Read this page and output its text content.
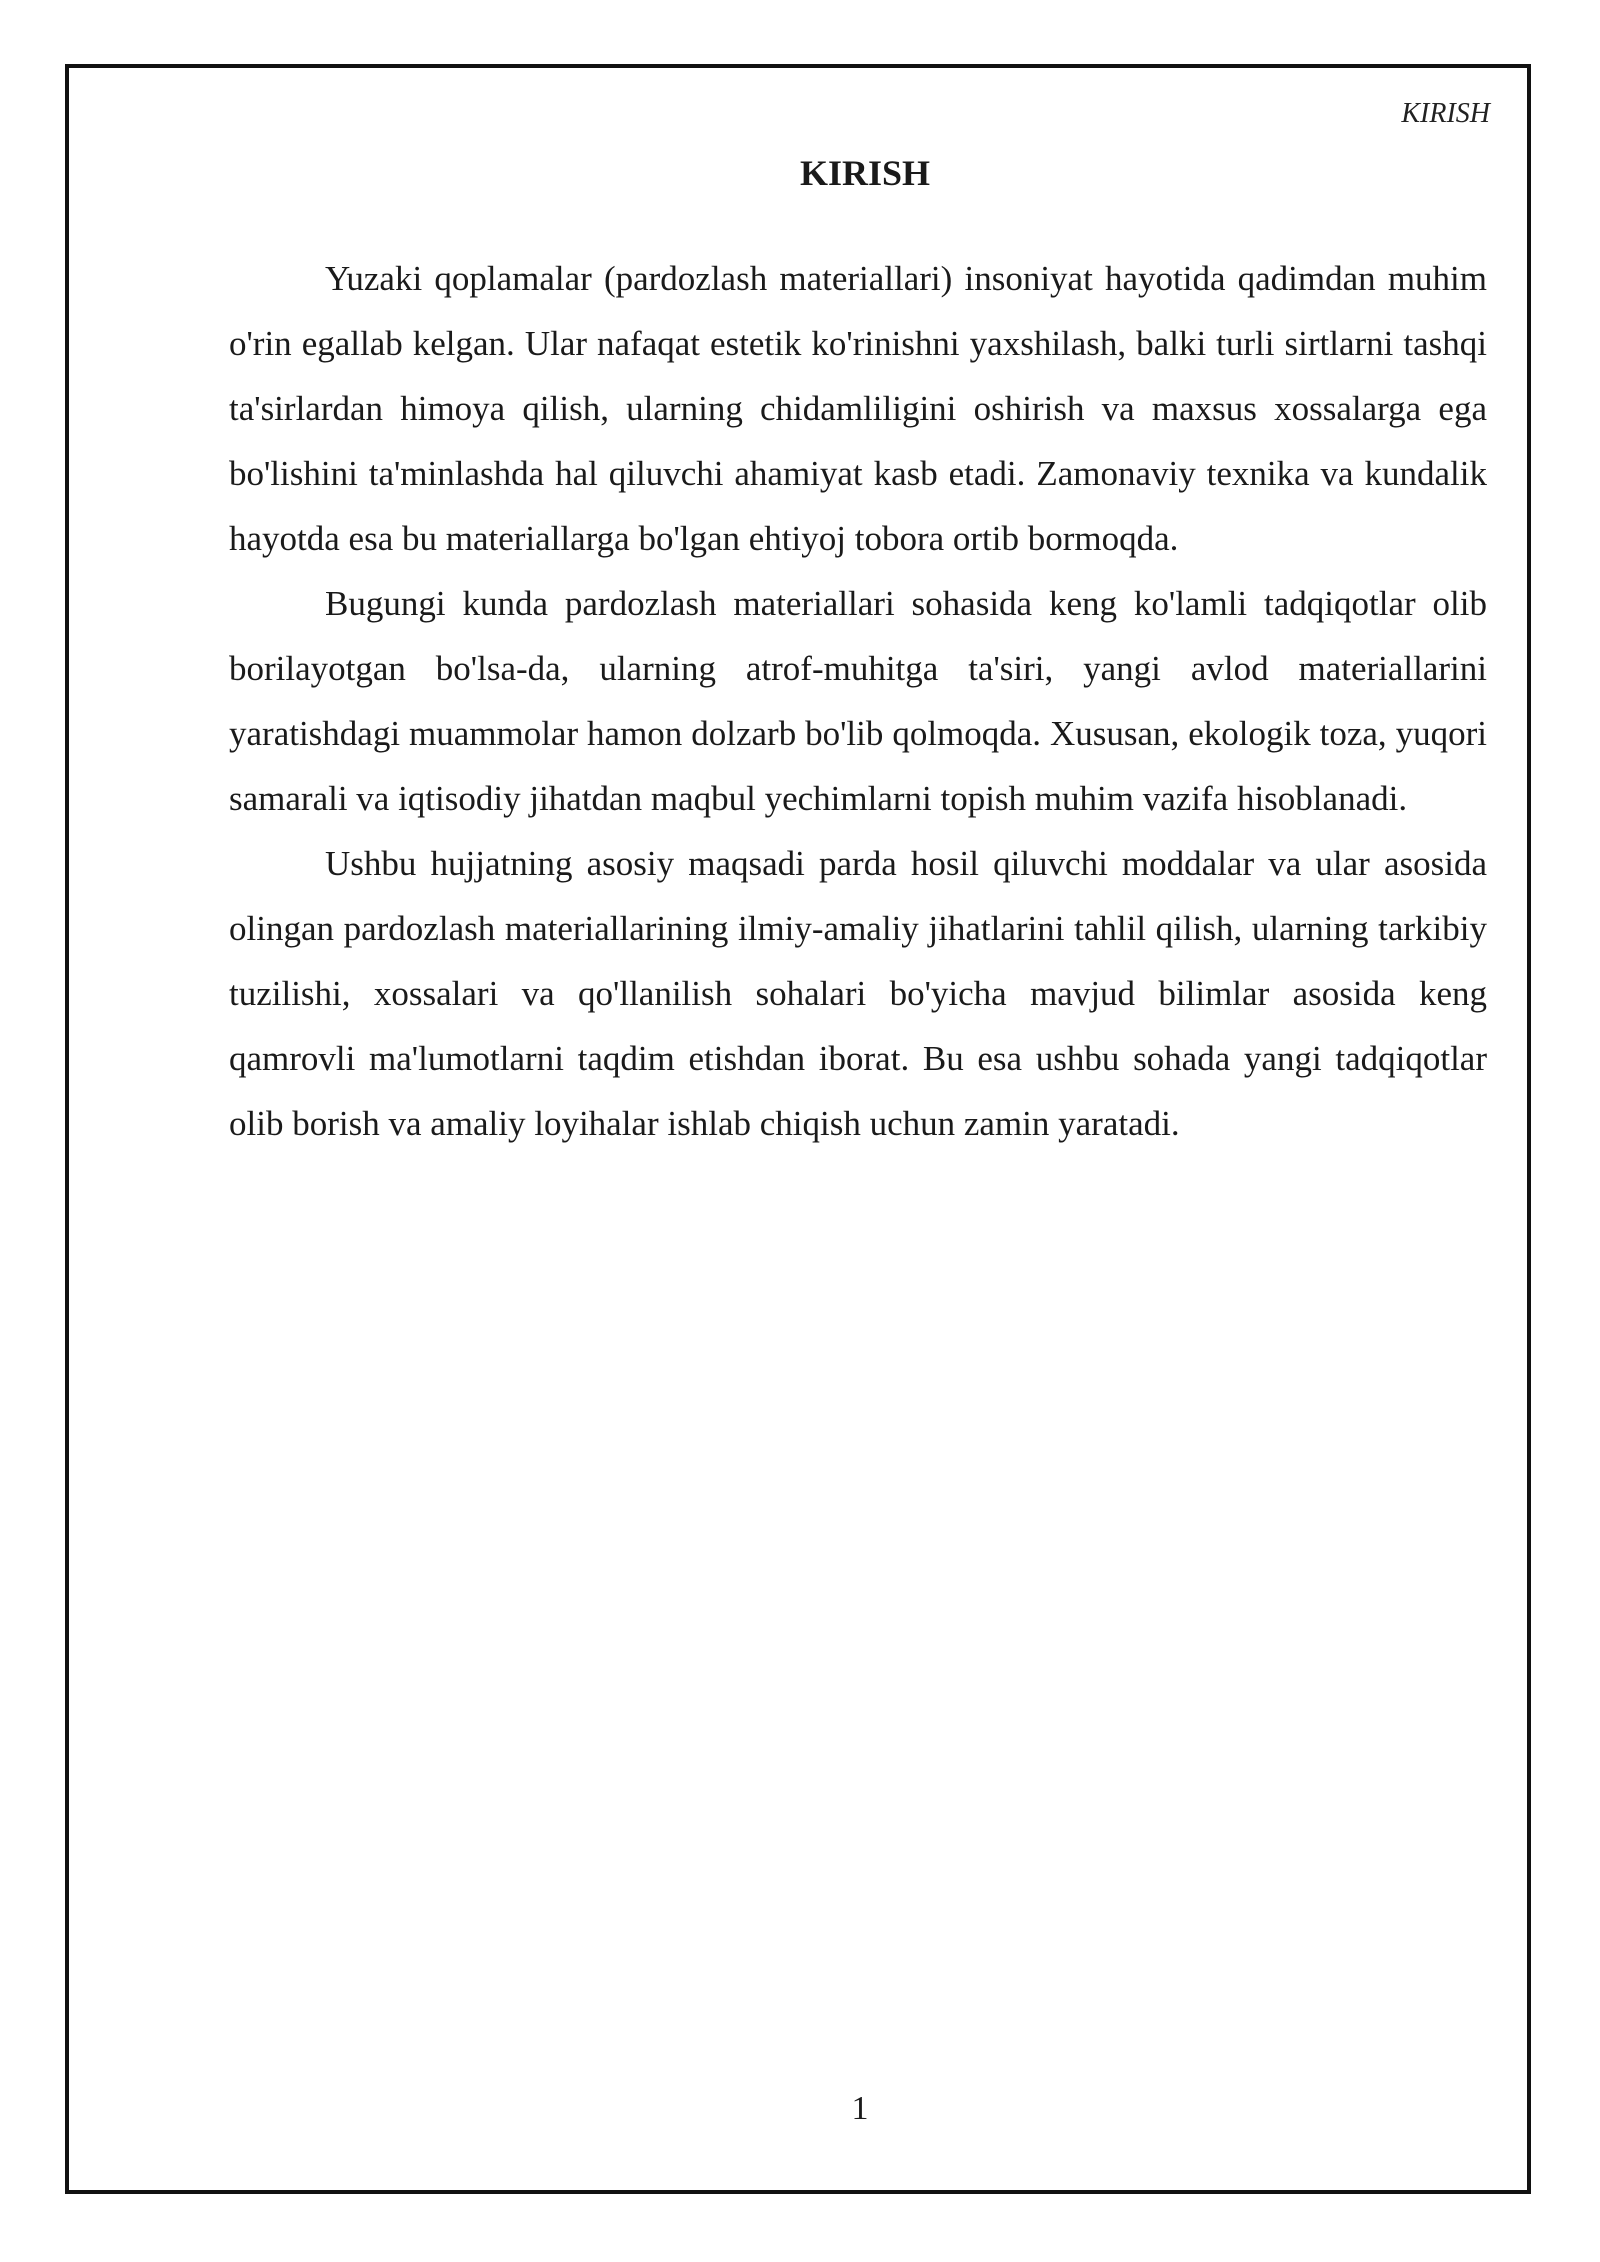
KIRISH
KIRISH

Yuzaki qoplamalar (pardozlash materiallari) insoniyat hayotida qadimdan muhim o'rin egallab kelgan. Ular nafaqat estetik ko'rinishni yaxshilash, balki turli sirtlarni tashqi ta'sirlardan himoya qilish, ularning chidamliligini oshirish va maxsus xossalarga ega bo'lishini ta'minlashda hal qiluvchi ahamiyat kasb etadi. Zamonaviy texnika va kundalik hayotda esa bu materiallarga bo'lgan ehtiyoj tobora ortib bormoqda.

Bugungi kunda pardozlash materiallari sohasida keng ko'lamli tadqiqotlar olib borilayotgan bo'lsa-da, ularning atrof-muhitga ta'siri, yangi avlod materiallarini yaratishdagi muammolar hamon dolzarb bo'lib qolmoqda. Xususan, ekologik toza, yuqori samarali va iqtisodiy jihatdan maqbul yechimlarni topish muhim vazifa hisoblanadi.

Ushbu hujjatning asosiy maqsadi parda hosil qiluvchi moddalar va ular asosida olingan pardozlash materiallarining ilmiy-amaliy jihatlarini tahlil qilish, ularning tarkibiy tuzilishi, xossalari va qo'llanilish sohalari bo'yicha mavjud bilimlar asosida keng qamrovli ma'lumotlarni taqdim etishdan iborat. Bu esa ushbu sohada yangi tadqiqotlar olib borish va amaliy loyihalar ishlab chiqish uchun zamin yaratadi.

1
